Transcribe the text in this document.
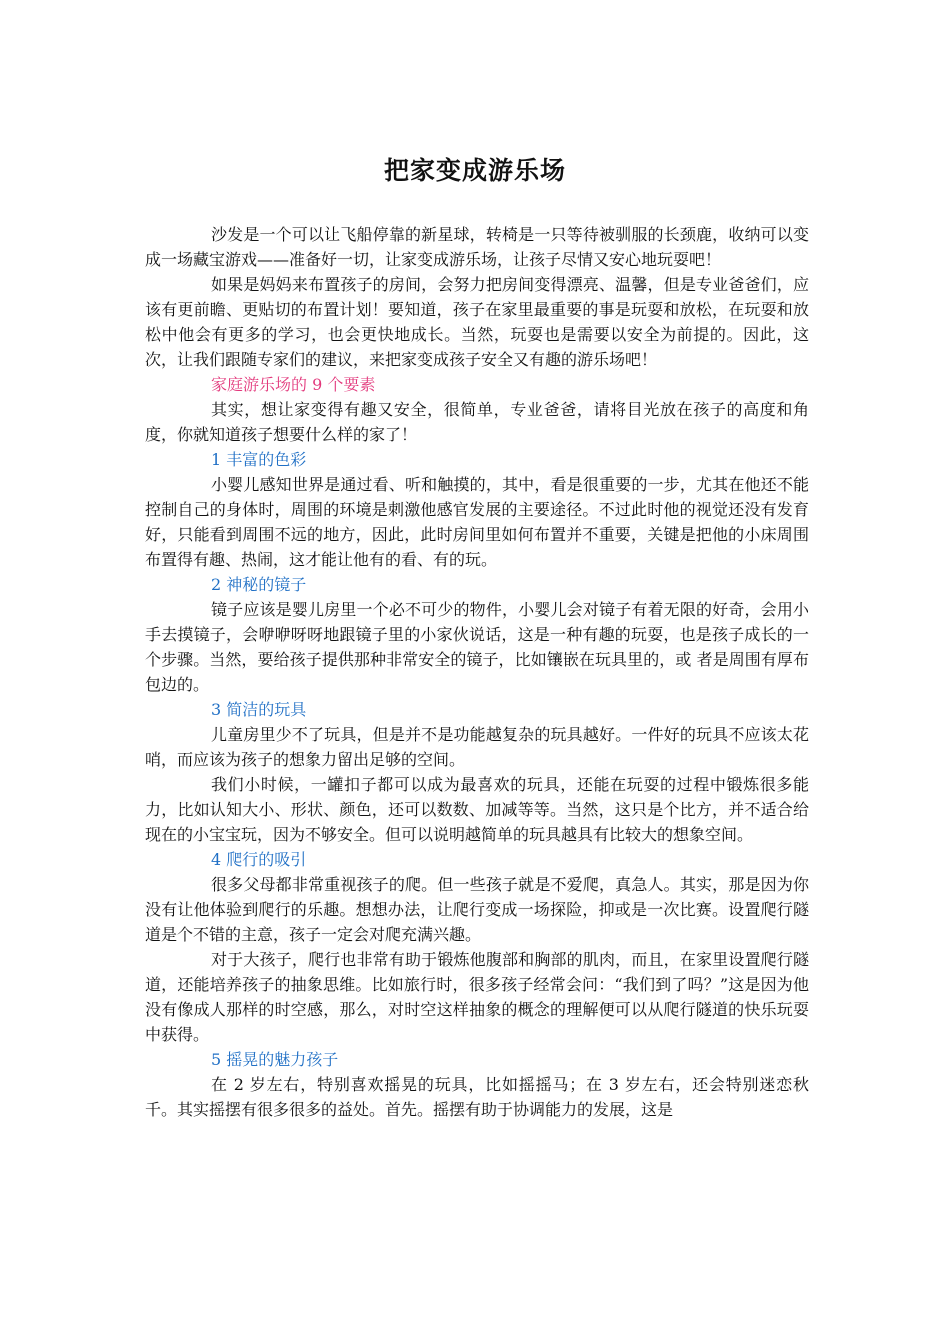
把家变成游乐场

沙发是一个可以让飞船停靠的新星球，转椅是一只等待被驯服的长颈鹿，收纳可以变成一场藏宝游戏——准备好一切，让家变成游乐场，让孩子尽情又安心地玩耍吧！

如果是妈妈来布置孩子的房间，会努力把房间变得漂亮、温馨，但是专业爸爸们，应该有更前瞻、更贴切的布置计划！要知道，孩子在家里最重要的事是玩耍和放松，在玩耍和放松中他会有更多的学习，也会更快地成长。当然，玩耍也是需要以安全为前提的。因此，这次，让我们跟随专家们的建议，来把家变成孩子安全又有趣的游乐场吧！

家庭游乐场的 9 个要素

其实，想让家变得有趣又安全，很简单，专业爸爸，请将目光放在孩子的高度和角度，你就知道孩子想要什么样的家了！

1 丰富的色彩

小婴儿感知世界是通过看、听和触摸的，其中，看是很重要的一步，尤其在他还不能控制自己的身体时，周围的环境是刺激他感官发展的主要途径。不过此时他的视觉还没有发育好，只能看到周围不远的地方，因此，此时房间里如何布置并不重要，关键是把他的小床周围布置得有趣、热闹，这才能让他有的看、有的玩。

2 神秘的镜子

镜子应该是婴儿房里一个必不可少的物件，小婴儿会对镜子有着无限的好奇，会用小手去摸镜子，会咿咿呀呀地跟镜子里的小家伙说话，这是一种有趣的玩耍，也是孩子成长的一个步骤。当然，要给孩子提供那种非常安全的镜子，比如镶嵌在玩具里的，或 者是周围有厚布包边的。

3 简洁的玩具

儿童房里少不了玩具，但是并不是功能越复杂的玩具越好。一件好的玩具不应该太花哨，而应该为孩子的想象力留出足够的空间。

我们小时候，一罐扣子都可以成为最喜欢的玩具，还能在玩耍的过程中锻炼很多能力，比如认知大小、形状、颜色，还可以数数、加减等等。当然，这只是个比方，并不适合给现在的小宝宝玩，因为不够安全。但可以说明越简单的玩具越具有比较大的想象空间。

4 爬行的吸引

很多父母都非常重视孩子的爬。但一些孩子就是不爱爬，真急人。其实，那是因为你没有让他体验到爬行的乐趣。想想办法，让爬行变成一场探险，抑或是一次比赛。设置爬行隧道是个不错的主意，孩子一定会对爬充满兴趣。

对于大孩子，爬行也非常有助于锻炼他腹部和胸部的肌肉，而且，在家里设置爬行隧道，还能培养孩子的抽象思维。比如旅行时，很多孩子经常会问：“我们到了吗？”这是因为他没有像成人那样的时空感，那么，对时空这样抽象的概念的理解便可以从爬行隧道的快乐玩耍中获得。

5 摇晃的魅力孩子

在 2 岁左右，特别喜欢摇晃的玩具，比如摇摇马；在 3 岁左右，还会特别迷恋秋千。其实摇摆有很多很多的益处。首先。摇摆有助于协调能力的发展，这是
